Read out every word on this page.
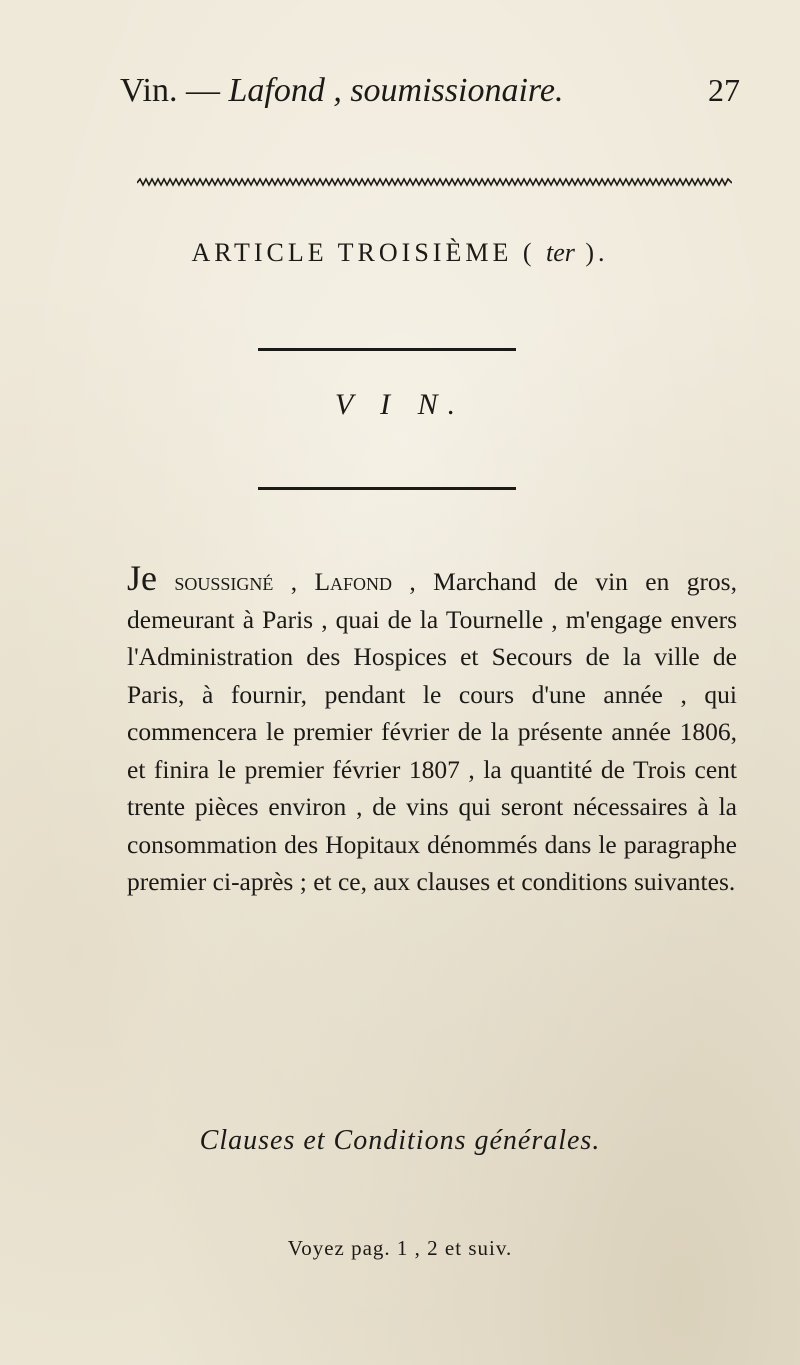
Vin. — Lafond , soumissionaire.	27
ARTICLE TROISIÈME ( ter ).
V I N.
Je soussigné , Lafond , Marchand de vin en gros, demeurant à Paris , quai de la Tournelle , m'engage envers l'Administration des Hospices et Secours de la ville de Paris, à fournir, pendant le cours d'une année , qui commencera le premier février de la présente année 1806, et finira le premier février 1807 , la quantité de Trois cent trente pièces environ , de vins qui seront nécessaires à la consommation des Hopitaux dénommés dans le paragraphe premier ci-après ; et ce, aux clauses et conditions suivantes.
Clauses et Conditions générales.
Voyez pag. 1 , 2 et suiv.
